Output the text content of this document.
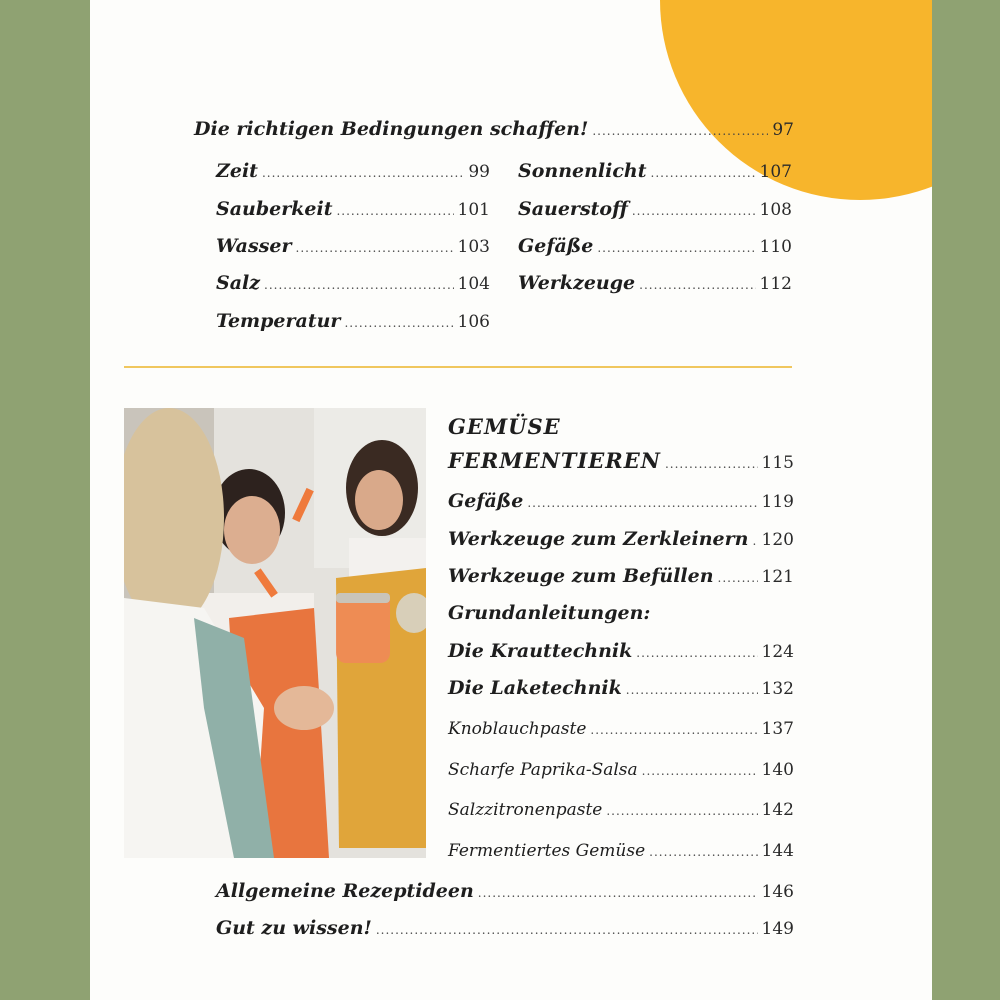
Die richtigen Bedingungen schaffen! .....	97
Zeit .....	99
Sauberkeit .....	101
Wasser .....	103
Salz .....	104
Temperatur .....	106
Sonnenlicht .....	107
Sauerstoff .....	108
Gefäße .....	110
Werkzeuge .....	112
GEMÜSE
FERMENTIEREN .....	115
Gefäße .....	119
Werkzeuge zum Zerkleinern ..... 120
Werkzeuge zum Befüllen .....	121
Grundanleitungen:
Die Krauttechnik .....	124
Die Laketechnik .....	132
Knoblauchpaste .....	137
Scharfe Paprika-Salsa .....	140
Salzzitronenpaste .....	142
Fermentiertes Gemüse .....	144
Allgemeine Rezeptideen .....	146
Gut zu wissen! .....	149
